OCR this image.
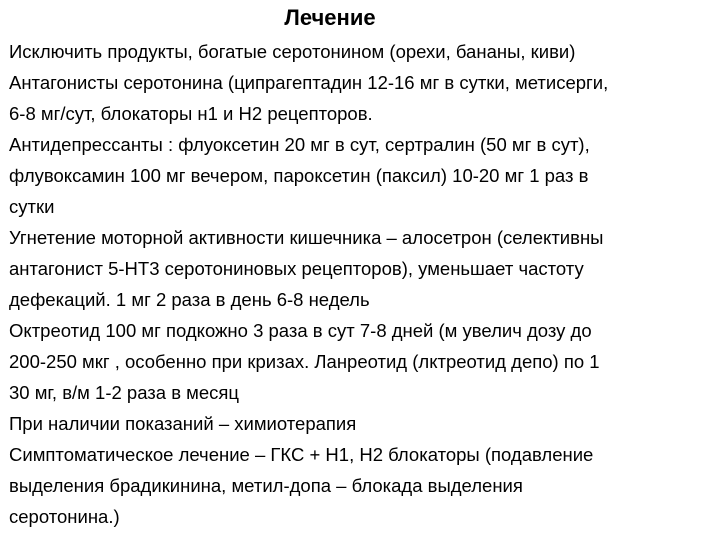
Лечение
Исключить продукты, богатые серотонином (орехи, бананы, киви)
Антагонисты серотонина (ципрагептадин 12-16 мг в сутки, метисерги,
6-8 мг/сут, блокаторы н1 и Н2 рецепторов.
Антидепрессанты : флуоксетин 20 мг в сут, сертралин (50 мг в сут),
флувоксамин 100 мг вечером, пароксетин (паксил) 10-20 мг 1 раз в
сутки
Угнетение моторной активности кишечника – алосетрон (селективны
антагонист 5-НТ3 серотониновых рецепторов), уменьшает частоту
дефекаций. 1 мг 2 раза в день 6-8 недель
Октреотид 100 мг подкожно 3 раза в сут 7-8 дней (м увелич дозу до
200-250 мкг , особенно при кризах. Ланреотид (лктреотид депо) по 1
30 мг, в/м 1-2 раза в месяц
При наличии показаний – химиотерапия
Симптоматическое лечение – ГКС + Н1, Н2 блокаторы (подавление
выделения брадикинина, метил-допа – блокада выделения
серотонина.)
